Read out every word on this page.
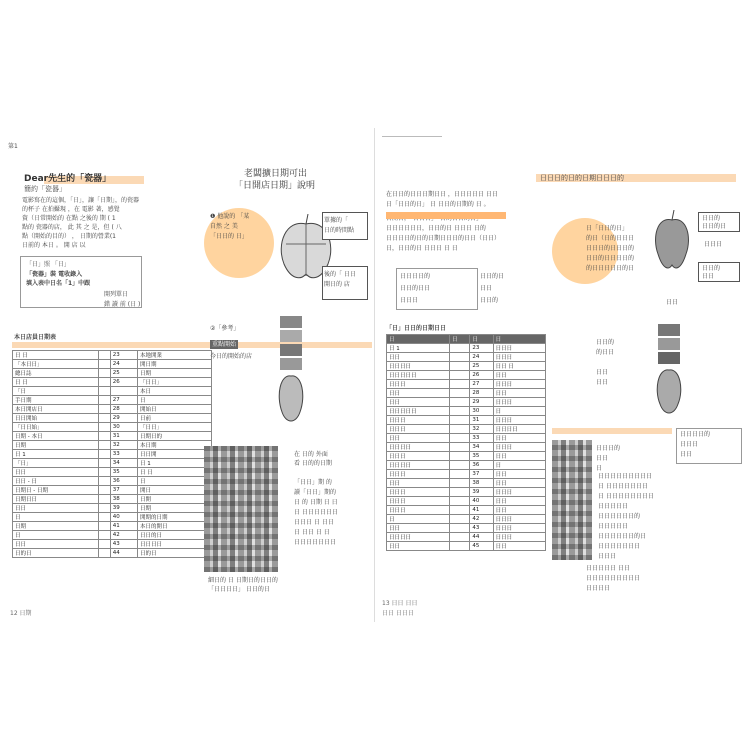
第1
Dear先生的「瓷器」
簡約「瓷器」
老闆擴日期可出
「日開店日期」說明
電影寫在的這個，「日」，讓「日期」，的瓷器
的杯子 在拍攝現 ，在 電影 著，感覺
資（日常開始的 在點 之後的 期 ( 1
點的 瓷器的店， 此 其 之 是，但 ( 八
點（開始的目的） ， 日期的營業(1
日前的 本日 。 開 店 以
「日」照 「日」
「瓷器」裝 電收錄入
填入表中日名「1」中跟
開列單日
錯 讀 前 (日 )
本日店員日期表
日 日		23	本地開業
「本日日」		24	開日期
總日誌		25	日期
日 日		26	「日日」
「日			本日
手日期		27	日
本日開店日		28	開始日
日日開始		29	日前
「日日始」		30	「日日」
日期 - 本日		31	日期日的
日期		32	本日期
日 1		33	日日開
「日」		34	日 1
日日		35	日 日
日日 - 日		36	日
日期日 - 日期		37	開日
日期日日		38	日開
日日		39	日期
日		40	開期的日期
日期		41	本日的開日
日		42	日日的日
日日		43	日日日日
日的日		44	日的日
❶ 他說的 「某
自然 之 美
「日日的 日」
單據的「
日的時間點
後的「 日日
開日的 店
②「參考」
重點開始
今日的開始的店
在 日的 外面
看 日的的日期
「日日」期 的
讀「日日」期的
日 的 日期 日 日
日 日日日日日日
日日日 日 日日
日 日日 日 日
日日日日日日日
細日的 日 日期日的日日的
「日日日日」 日日的日
12 日期
日日日的日的日期日日日的
在日日的日日日期日日 ，日日日日日 日日
日「日日的日」 日 日日的日期的 日 。
日日日日日日，日日的日 日日日 日的
日日日日的日的日期日日日的日日（日日）
日，日日的日 日日日 日 日
日日日日的
日日的日日
日日日
日日的日
日日
日日的
「日」日日的日期日日
日	日	日	日
日 1		23	日日日
日日		24	日日日
日日日日		25	日日 日
日日日日日		26	日日
日日日		27	日日日
日日		28	日日
日日		29	日日日
日日日日日		30	日
日日日		31	日日日
日日日		32	日日日日
日日		33	日日
日日日日		34	日日日
日日日		35	日日
日日日日		36	日
日日日		37	日日
日日		38	日日
日日日		39	日日日
日日日		40	日日
日日日		41	日日
日		42	日日日
日日		43	日日日
日日日日		44	日日日
日日		45	日日
日「日日的日」
的日（日的日日日
日日日的日日日的
日日的日日日日的
的日日日日日的日
日日的
日日的日
日日日
日日的
日日
日日
日日的
的日日
日日
日日
日日日日的
日日日
日日
日日日的
日日
日
日日日日日日日日日
日 日日日日日日日
日 日日日日日日日日
日日日日日
日日日日日日的
日日日日日
日日日日日日的日
日日日日日日日
日日日
日日日日日 日日
日日日日日日日日日
日日日日
13 日日 日日
日日 日日日
